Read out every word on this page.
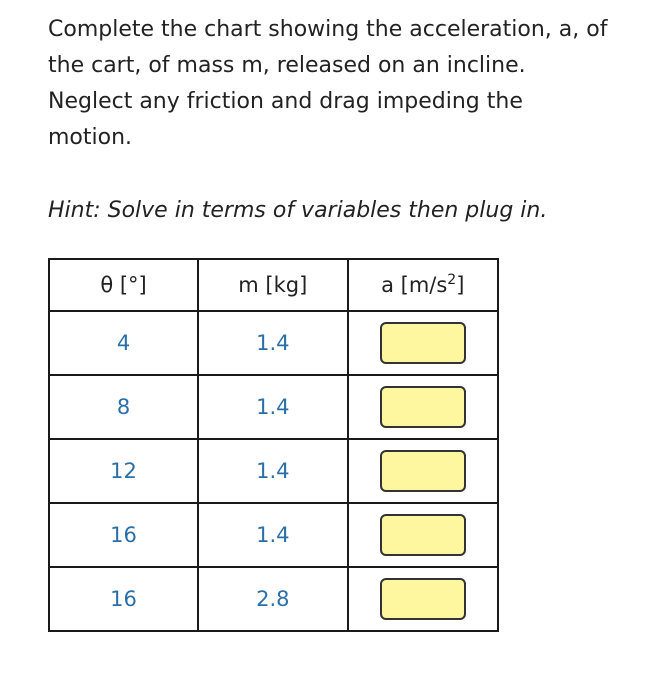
Complete the chart showing the acceleration, a, of the cart, of mass m, released on an incline. Neglect any friction and drag impeding the motion.

Hint: Solve in terms of variables then plug in.

θ [°]	m [kg]	a $[m/s^2]$
4	1.4	
8	1.4	
12	1.4	
16	1.4	
16	2.8	
